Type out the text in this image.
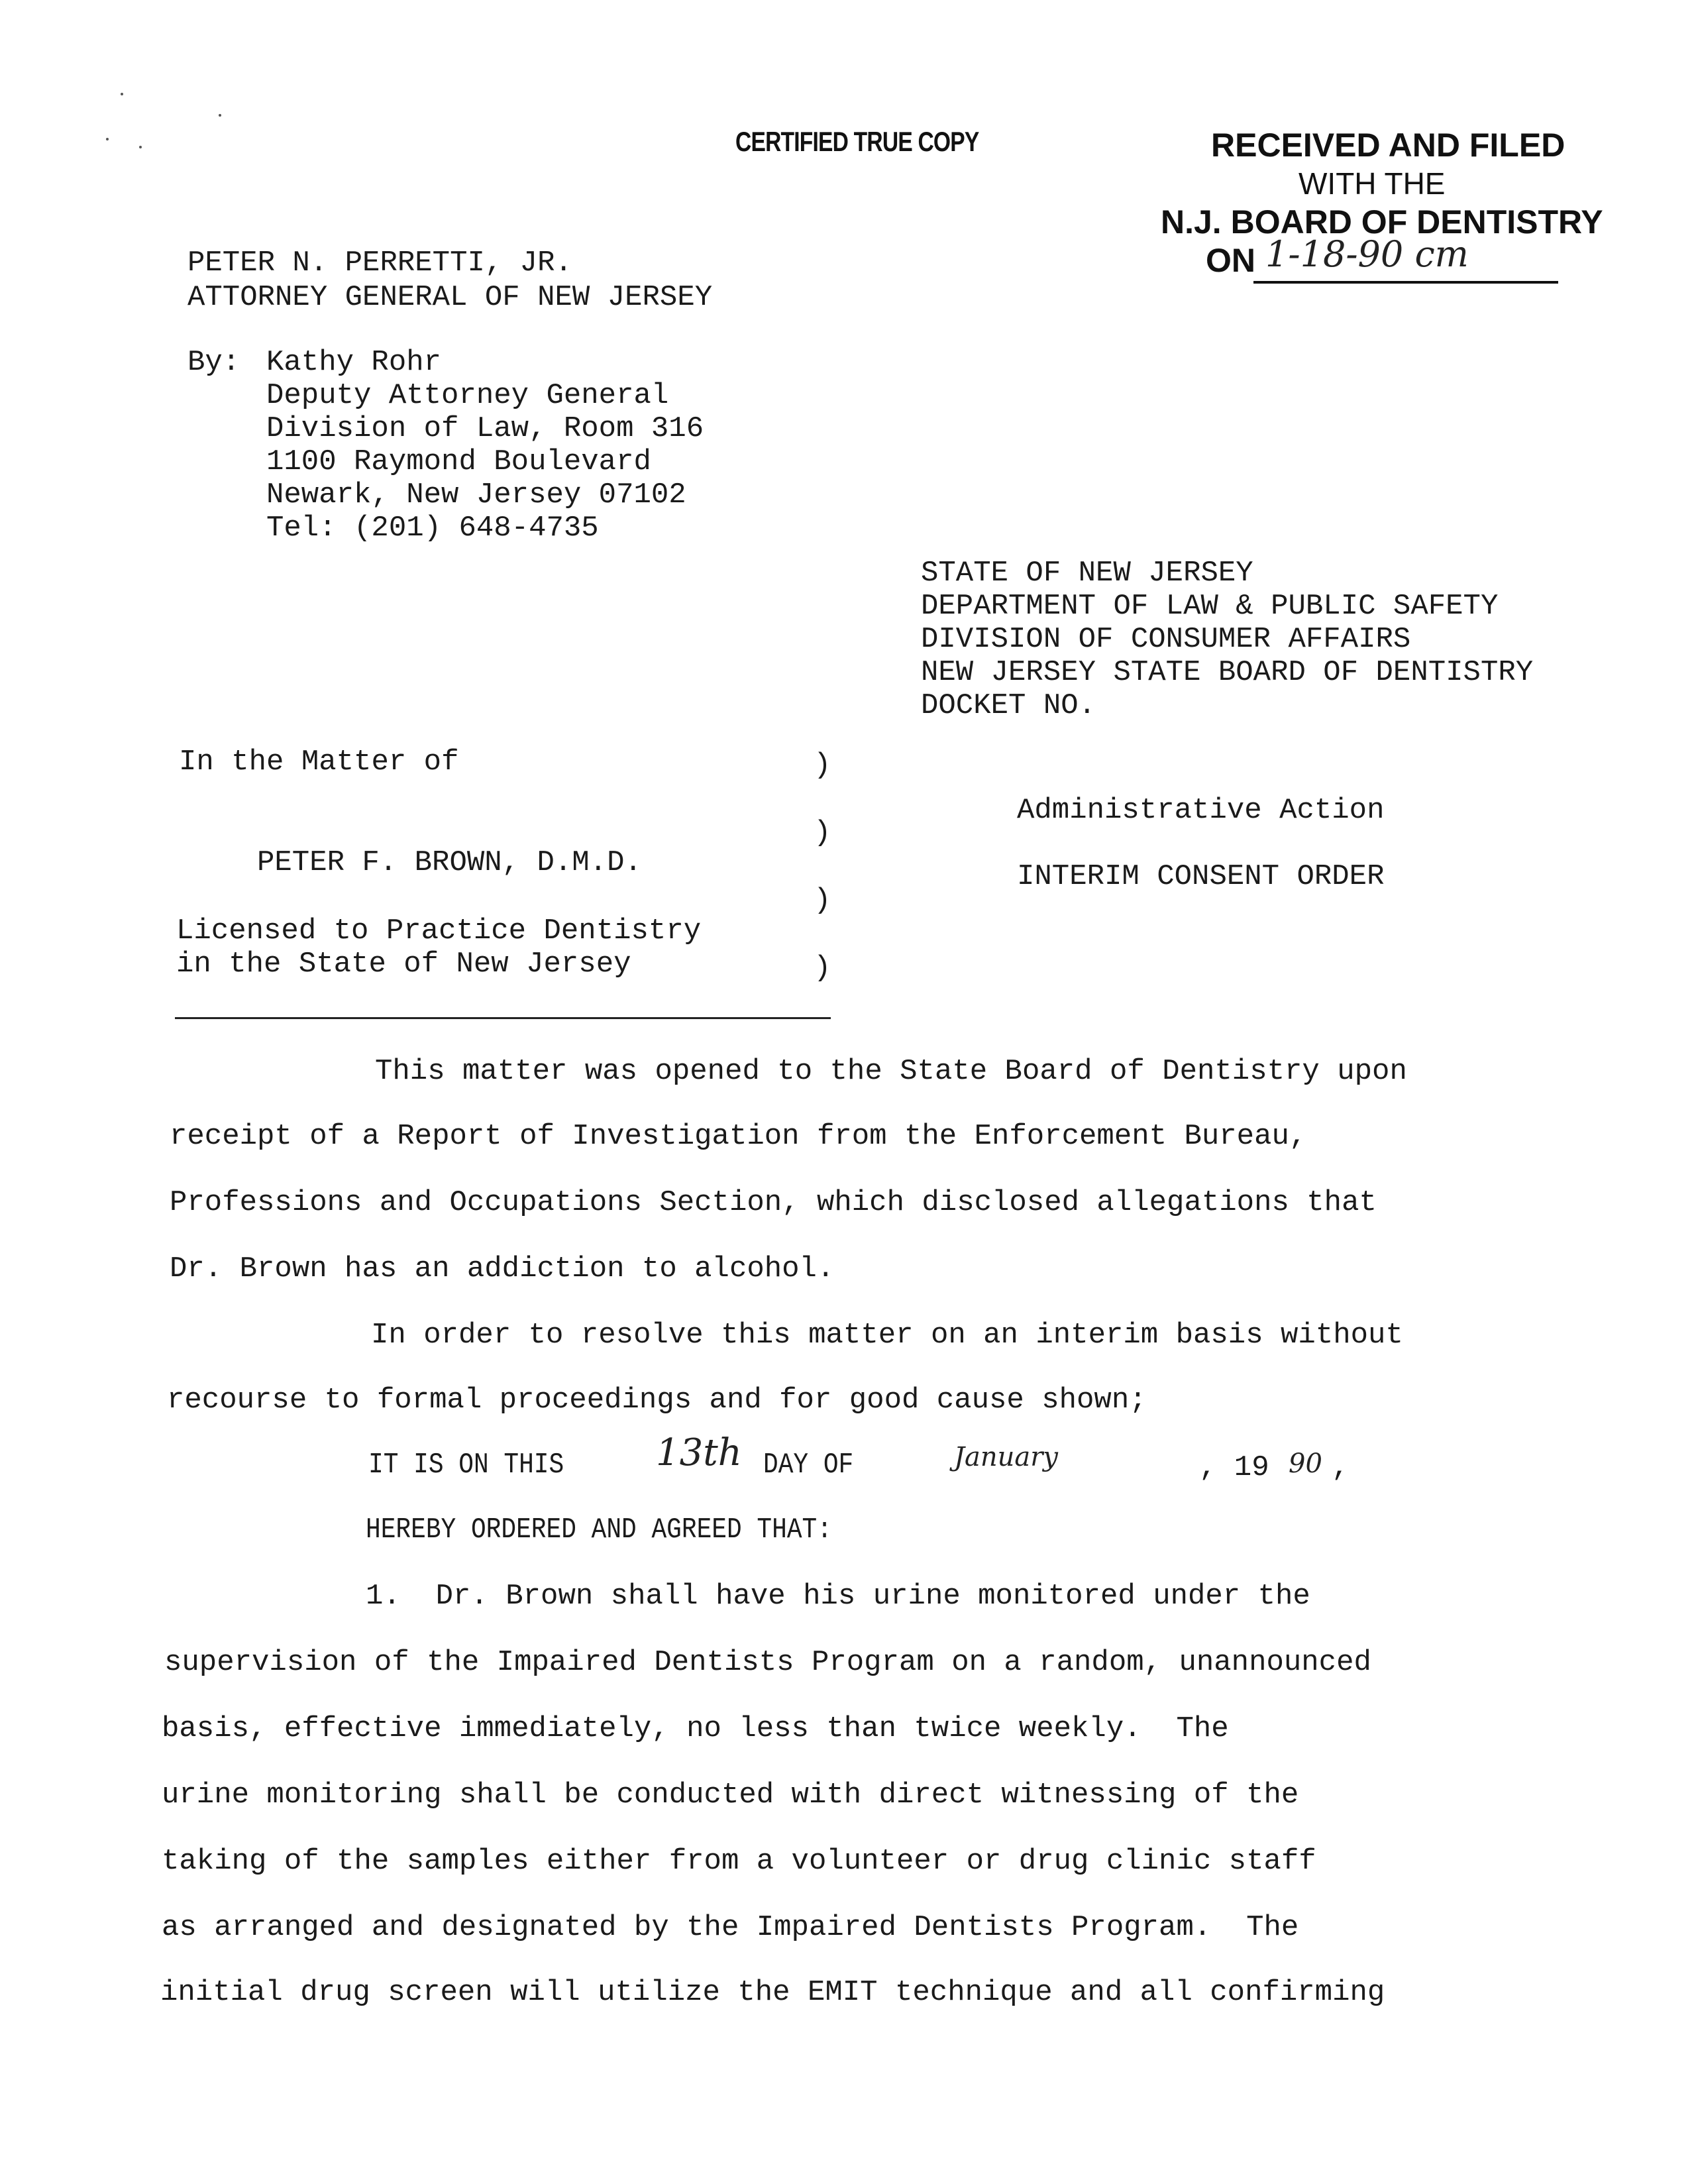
CERTIFIED TRUE COPY	RECEIVED AND FILED
WITH THE
N.J. BOARD OF DENTISTRY
ON 1-18-90 cm
PETER N. PERRETTI, JR.
ATTORNEY GENERAL OF NEW JERSEY
By: Kathy Rohr
Deputy Attorney General
Division of Law, Room 316
1100 Raymond Boulevard
Newark, New Jersey 07102
Tel: (201) 648-4735
STATE OF NEW JERSEY
DEPARTMENT OF LAW & PUBLIC SAFETY
DIVISION OF CONSUMER AFFAIRS
NEW JERSEY STATE BOARD OF DENTISTRY
DOCKET NO.
In the Matter of
PETER F. BROWN, D.M.D.
Licensed to Practice Dentistry
in the State of New Jersey
)
)
)
)
Administrative Action
INTERIM CONSENT ORDER
This matter was opened to the State Board of Dentistry upon
receipt of a Report of Investigation from the Enforcement Bureau,
Professions and Occupations Section, which disclosed allegations that
Dr. Brown has an addiction to alcohol.
In order to resolve this matter on an interim basis without
recourse to formal proceedings and for good cause shown;
IT IS ON THIS 13th DAY OF	January	, 19 90 ,
HEREBY ORDERED AND AGREED THAT:
1.  Dr. Brown shall have his urine monitored under the
supervision of the Impaired Dentists Program on a random, unannounced
basis, effective immediately, no less than twice weekly.  The
urine monitoring shall be conducted with direct witnessing of the
taking of the samples either from a volunteer or drug clinic staff
as arranged and designated by the Impaired Dentists Program.  The
initial drug screen will utilize the EMIT technique and all confirming
